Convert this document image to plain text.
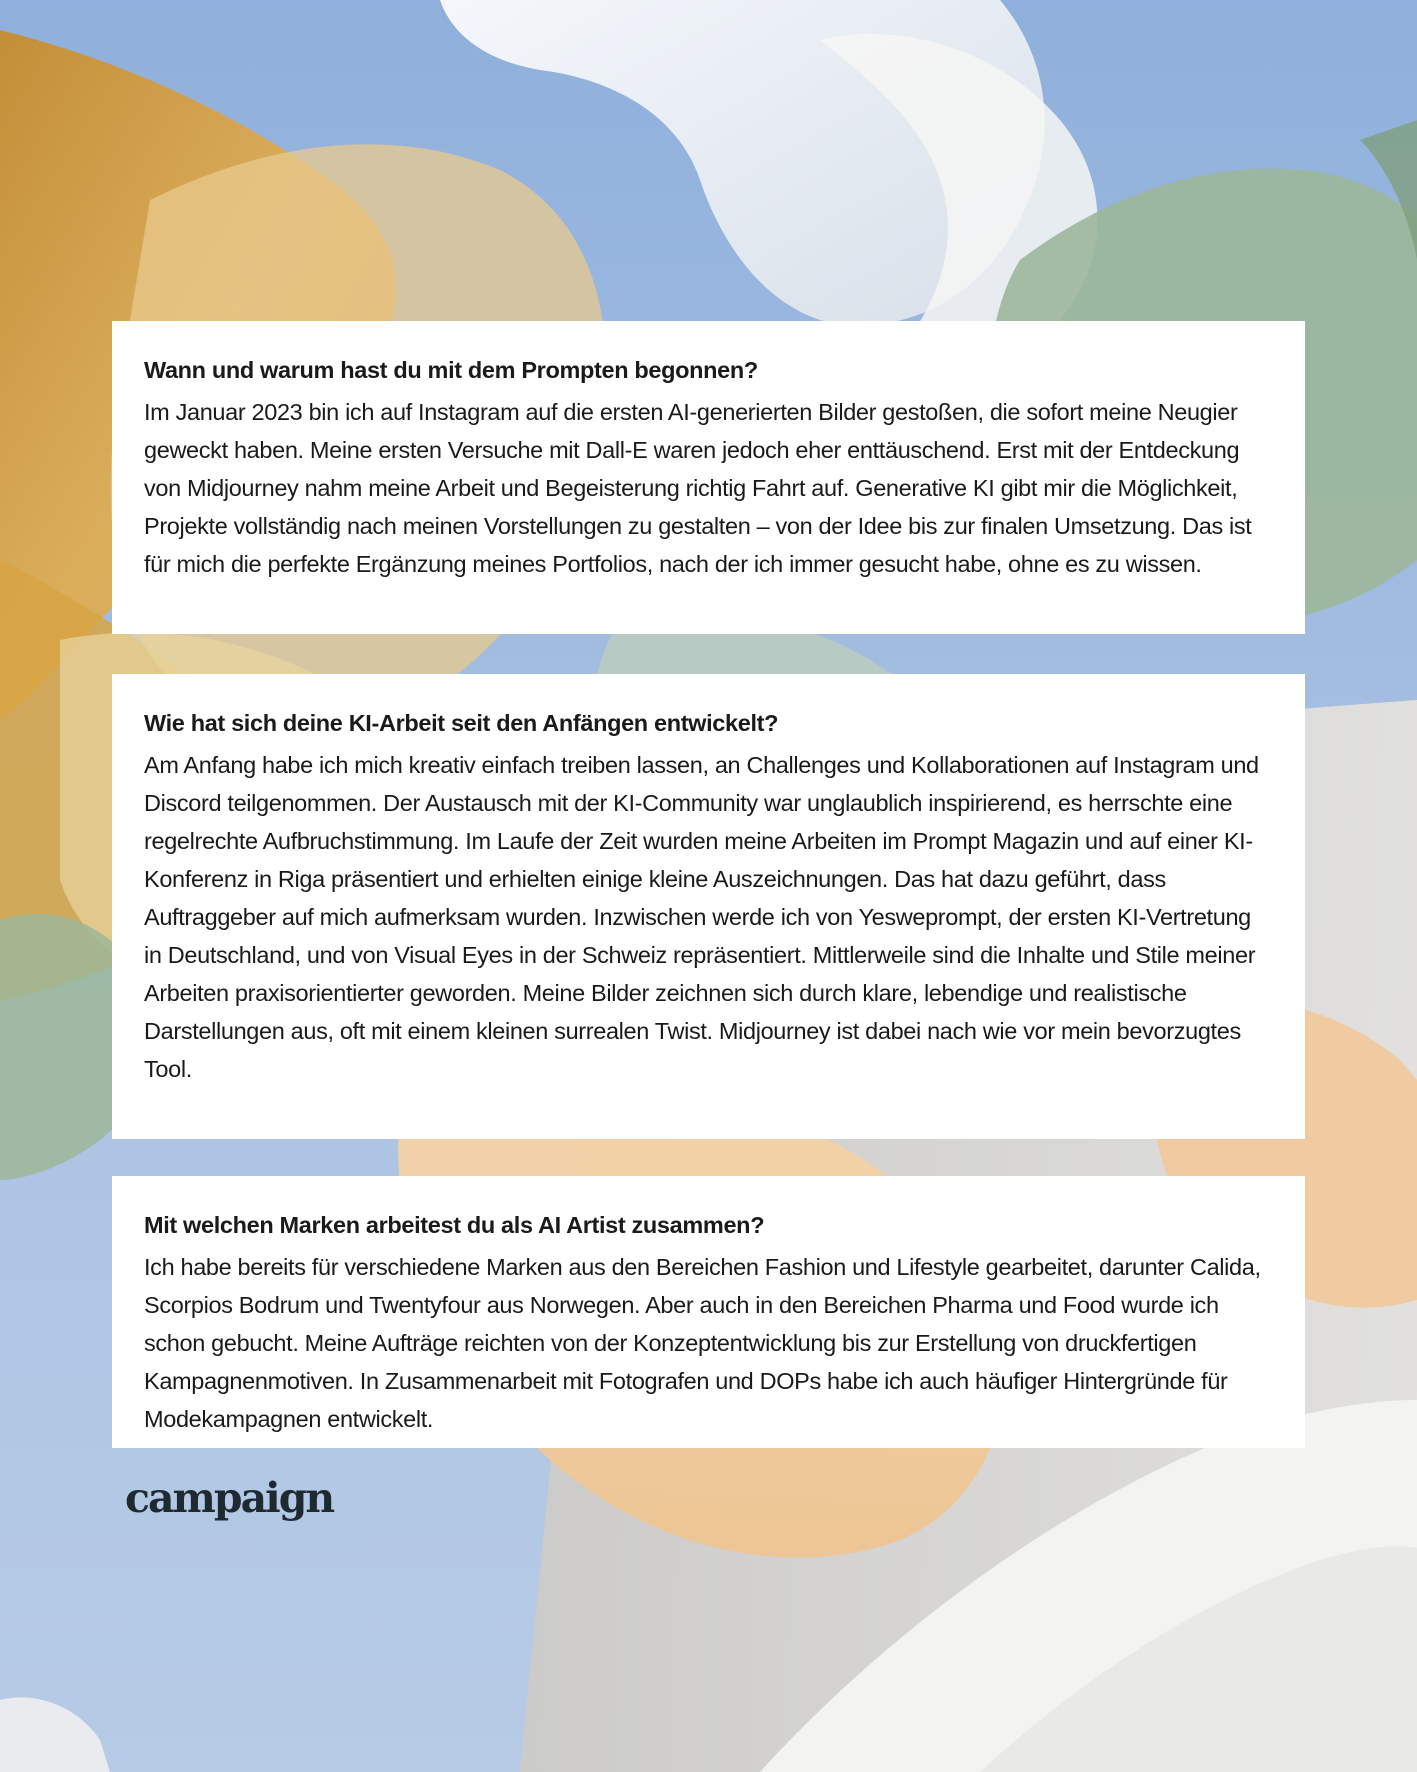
Wann und warum hast du mit dem Prompten begonnen?

Im Januar 2023 bin ich auf Instagram auf die ersten AI-generierten Bilder gestoßen, die sofort meine Neugier geweckt haben. Meine ersten Versuche mit Dall-E waren jedoch eher enttäuschend. Erst mit der Entdeckung von Midjourney nahm meine Arbeit und Begeisterung richtig Fahrt auf. Generative KI gibt mir die Möglichkeit, Projekte vollständig nach meinen Vorstellungen zu gestalten – von der Idee bis zur finalen Umsetzung. Das ist für mich die perfekte Ergänzung meines Portfolios, nach der ich immer gesucht habe, ohne es zu wissen.

Wie hat sich deine KI-Arbeit seit den Anfängen entwickelt?

Am Anfang habe ich mich kreativ einfach treiben lassen, an Challenges und Kollaborationen auf Instagram und Discord teilgenommen. Der Austausch mit der KI-Community war unglaublich inspirierend, es herrschte eine regelrechte Aufbruchstimmung. Im Laufe der Zeit wurden meine Arbeiten im Prompt Magazin und auf einer KI-Konferenz in Riga präsentiert und erhielten einige kleine Auszeichnungen. Das hat dazu geführt, dass Auftraggeber auf mich aufmerksam wurden. Inzwischen werde ich von Yesweprompt, der ersten KI-Vertretung in Deutschland, und von Visual Eyes in der Schweiz repräsentiert. Mittlerweile sind die Inhalte und Stile meiner Arbeiten praxisorientierter geworden. Meine Bilder zeichnen sich durch klare, lebendige und realistische Darstellungen aus, oft mit einem kleinen surrealen Twist. Midjourney ist dabei nach wie vor mein bevorzugtes Tool.

Mit welchen Marken arbeitest du als AI Artist zusammen?

Ich habe bereits für verschiedene Marken aus den Bereichen Fashion und Lifestyle gearbeitet, darunter Calida, Scorpios Bodrum und Twentyfour aus Norwegen. Aber auch in den Bereichen Pharma und Food wurde ich schon gebucht. Meine Aufträge reichten von der Konzeptentwicklung bis zur Erstellung von druckfertigen Kampagnenmotiven. In Zusammenarbeit mit Fotografen und DOPs habe ich auch häufiger Hintergründe für Modekampagnen entwickelt.

campaign
